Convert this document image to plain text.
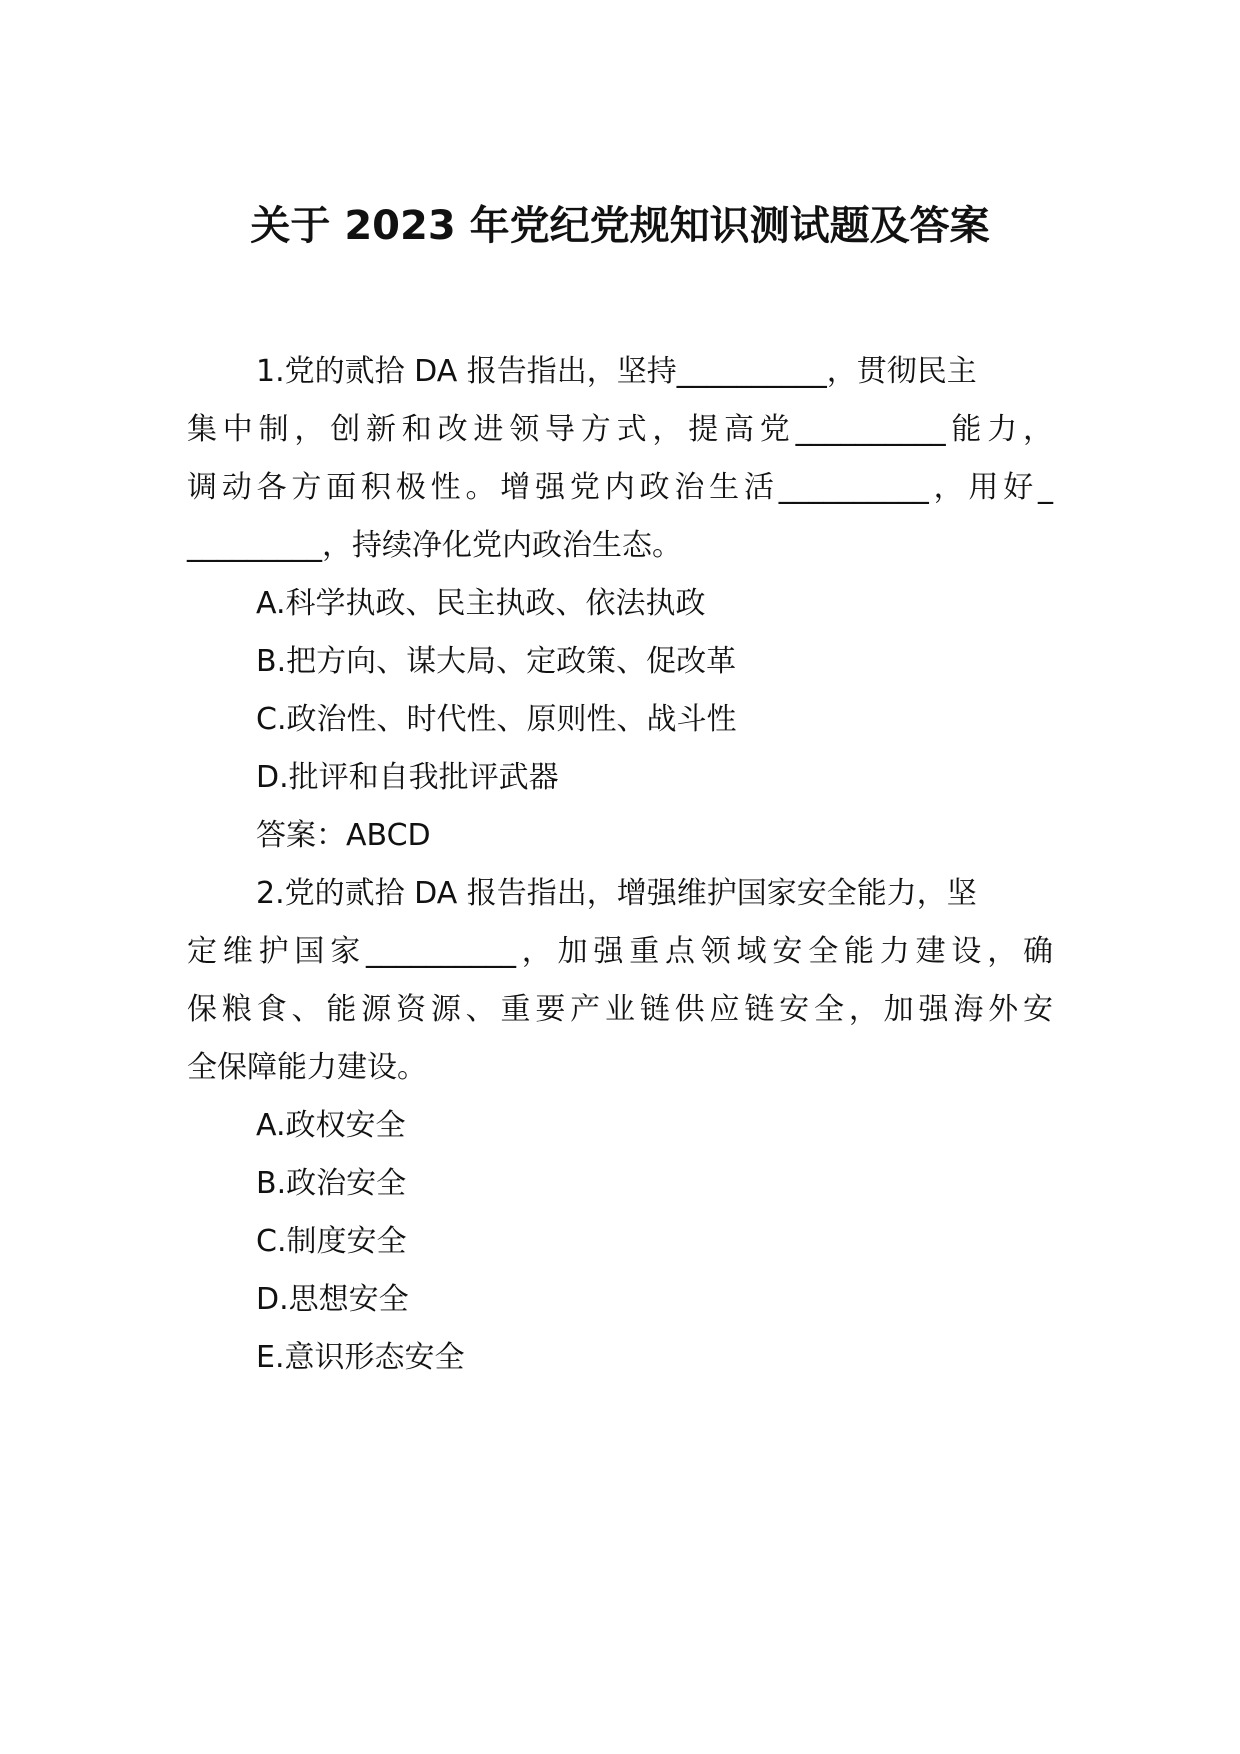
关于 2023 年党纪党规知识测试题及答案
1.党的贰拾 DA 报告指出，坚持__________，贯彻民主
集中制，创新和改进领导方式，提高党__________能力，
调动各方面积极性。增强党内政治生活__________，用好_
_________，持续净化党内政治生态。
A.科学执政、民主执政、依法执政
B.把方向、谋大局、定政策、促改革
C.政治性、时代性、原则性、战斗性
D.批评和自我批评武器
答案：ABCD
2.党的贰拾 DA 报告指出，增强维护国家安全能力，坚
定维护国家__________，加强重点领域安全能力建设，确
保粮食、能源资源、重要产业链供应链安全，加强海外安
全保障能力建设。
A.政权安全
B.政治安全
C.制度安全
D.思想安全
E.意识形态安全
